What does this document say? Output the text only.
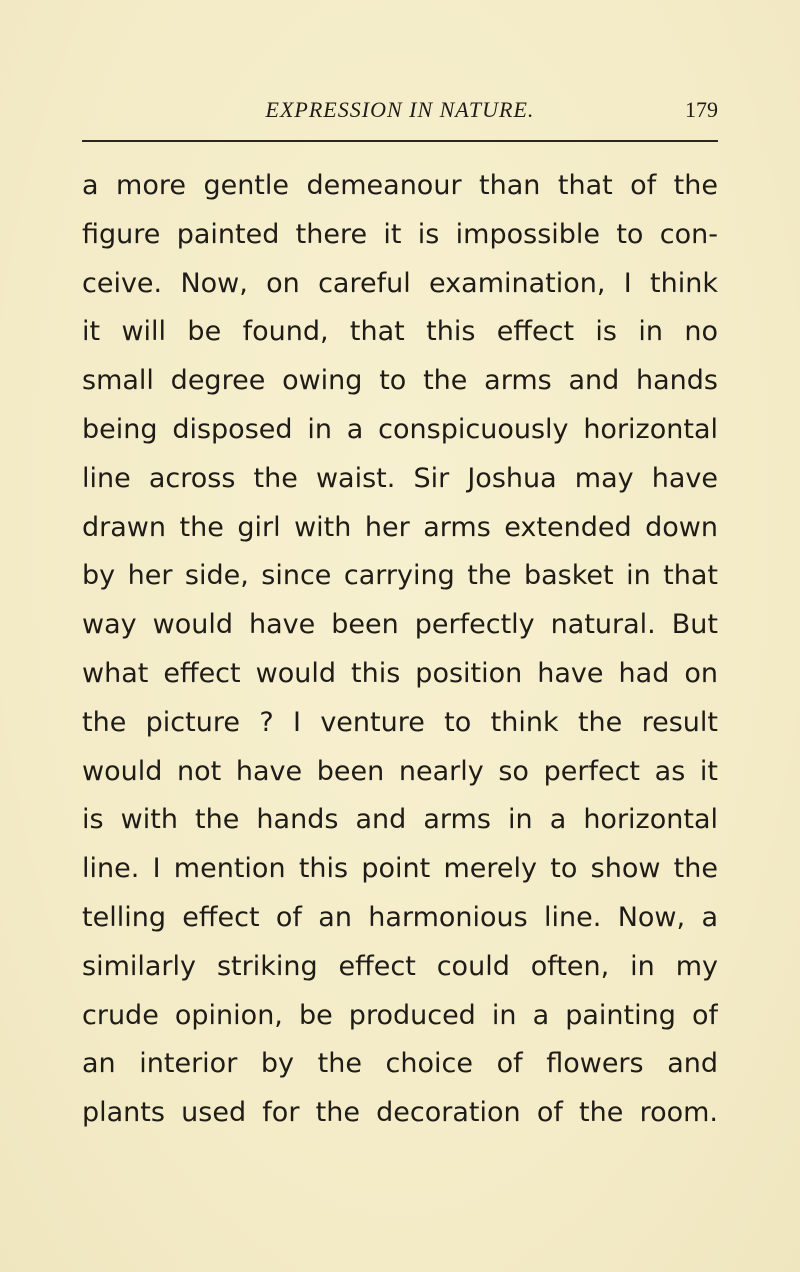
EXPRESSION IN NATURE.	179
a more gentle demeanour than that of the
figure painted there it is impossible to con-
ceive. Now, on careful examination, I think
it will be found, that this effect is in no
small degree owing to the arms and hands
being disposed in a conspicuously horizontal
line across the waist. Sir Joshua may have
drawn the girl with her arms extended down
by her side, since carrying the basket in that
way would have been perfectly natural. But
what effect would this position have had on
the picture ? I venture to think the result
would not have been nearly so perfect as it
is with the hands and arms in a horizontal
line. I mention this point merely to show the
telling effect of an harmonious line. Now, a
similarly striking effect could often, in my
crude opinion, be produced in a painting of
an interior by the choice of flowers and
plants used for the decoration of the room.
